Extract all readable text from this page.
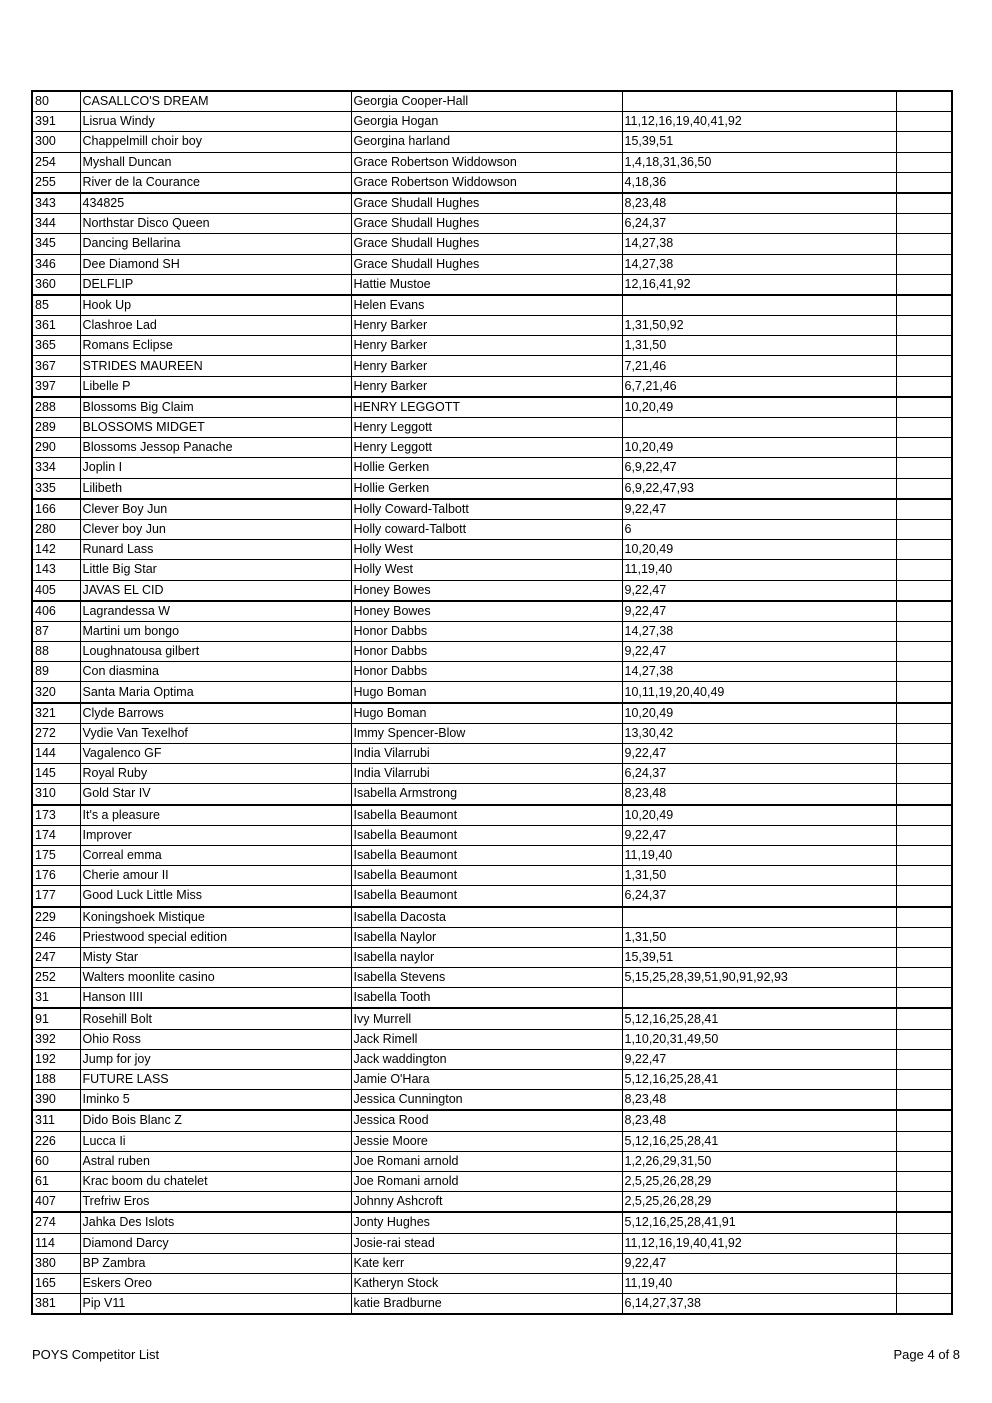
80	CASALLCO'S DREAM	Georgia Cooper-Hall		
391	Lisrua Windy	Georgia Hogan	11,12,16,19,40,41,92	
300	Chappelmill choir boy	Georgina harland	15,39,51	
254	Myshall Duncan	Grace Robertson Widdowson	1,4,18,31,36,50	
255	River de la Courance	Grace Robertson Widdowson	4,18,36	
343	434825	Grace Shudall Hughes	8,23,48	
344	Northstar Disco Queen	Grace Shudall Hughes	6,24,37	
345	Dancing Bellarina	Grace Shudall Hughes	14,27,38	
346	Dee Diamond SH	Grace Shudall Hughes	14,27,38	
360	DELFLIP	Hattie Mustoe	12,16,41,92	
85	Hook Up	Helen Evans		
361	Clashroe Lad	Henry Barker	1,31,50,92	
365	Romans Eclipse	Henry Barker	1,31,50	
367	STRIDES MAUREEN	Henry Barker	7,21,46	
397	Libelle P	Henry Barker	6,7,21,46	
288	Blossoms Big Claim	HENRY LEGGOTT	10,20,49	
289	BLOSSOMS MIDGET	Henry Leggott		
290	Blossoms Jessop Panache	Henry Leggott	10,20,49	
334	Joplin I	Hollie Gerken	6,9,22,47	
335	Lilibeth	Hollie Gerken	6,9,22,47,93	
166	Clever Boy Jun	Holly Coward-Talbott	9,22,47	
280	Clever boy Jun	Holly coward-Talbott	6	
142	Runard Lass	Holly West	10,20,49	
143	Little Big Star	Holly West	11,19,40	
405	JAVAS EL CID	Honey Bowes	9,22,47	
406	Lagrandessa W	Honey Bowes	9,22,47	
87	Martini um bongo	Honor Dabbs	14,27,38	
88	Loughnatousa gilbert	Honor Dabbs	9,22,47	
89	Con diasmina	Honor Dabbs	14,27,38	
320	Santa Maria Optima	Hugo Boman	10,11,19,20,40,49	
321	Clyde Barrows	Hugo Boman	10,20,49	
272	Vydie Van Texelhof	Immy Spencer-Blow	13,30,42	
144	Vagalenco GF	India Vilarrubi	9,22,47	
145	Royal Ruby	India Vilarrubi	6,24,37	
310	Gold Star IV	Isabella Armstrong	8,23,48	
173	It's a pleasure	Isabella Beaumont	10,20,49	
174	Improver	Isabella Beaumont	9,22,47	
175	Correal emma	Isabella Beaumont	11,19,40	
176	Cherie amour II	Isabella Beaumont	1,31,50	
177	Good Luck Little Miss	Isabella Beaumont	6,24,37	
229	Koningshoek Mistique	Isabella Dacosta		
246	Priestwood special edition	Isabella Naylor	1,31,50	
247	Misty Star	Isabella naylor	15,39,51	
252	Walters moonlite casino	Isabella Stevens	5,15,25,28,39,51,90,91,92,93	
31	Hanson IIII	Isabella Tooth		
91	Rosehill Bolt	Ivy Murrell	5,12,16,25,28,41	
392	Ohio Ross	Jack Rimell	1,10,20,31,49,50	
192	Jump for joy	Jack waddington	9,22,47	
188	FUTURE LASS	Jamie O'Hara	5,12,16,25,28,41	
390	Iminko 5	Jessica Cunnington	8,23,48	
311	Dido Bois Blanc Z	Jessica Rood	8,23,48	
226	Lucca Ii	Jessie Moore	5,12,16,25,28,41	
60	Astral ruben	Joe Romani arnold	1,2,26,29,31,50	
61	Krac boom du chatelet	Joe Romani arnold	2,5,25,26,28,29	
407	Trefriw Eros	Johnny Ashcroft	2,5,25,26,28,29	
274	Jahka Des Islots	Jonty Hughes	5,12,16,25,28,41,91	
114	Diamond Darcy	Josie-rai stead	11,12,16,19,40,41,92	
380	BP Zambra	Kate kerr	9,22,47	
165	Eskers Oreo	Katheryn Stock	11,19,40	
381	Pip V11	katie Bradburne	6,14,27,37,38	
POYS Competitor List	Page 4 of 8
